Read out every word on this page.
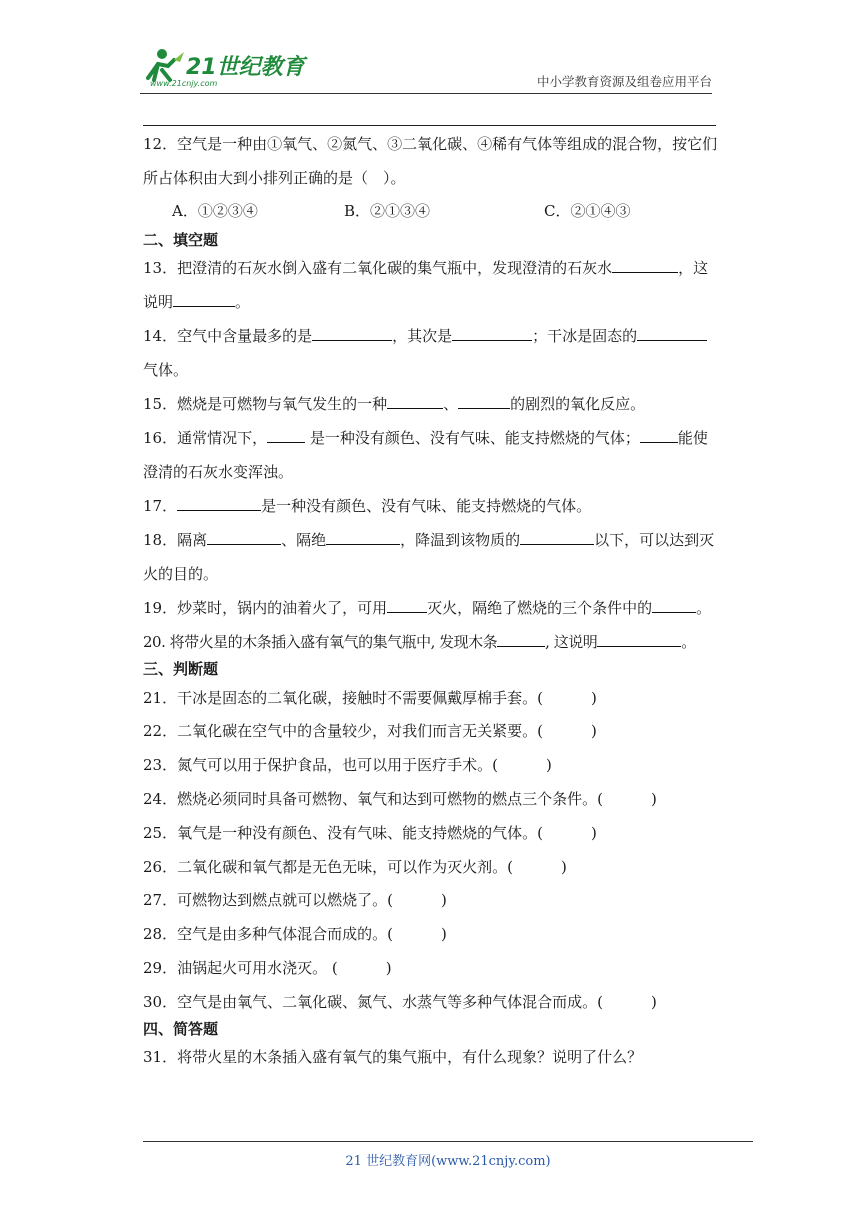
21世纪教育
www.21cnjy.com	中小学教育资源及组卷应用平台
12．空气是一种由①氧气、②氮气、③二氧化碳、④稀有气体等组成的混合物，按它们
所占体积由大到小排列正确的是（　）。
A．①②③④	B．②①③④	C．②①④③
二、填空题
13．把澄清的石灰水倒入盛有二氧化碳的集气瓶中，发现澄清的石灰水	，这
说明	。
14．空气中含量最多的是	，其次是	；干冰是固态的
气体。
15．燃烧是可燃物与氧气发生的一种	、	的剧烈的氧化反应。
16．通常情况下，	是一种没有颜色、没有气味、能支持燃烧的气体；	能使
澄清的石灰水变浑浊。
17．	是一种没有颜色、没有气味、能支持燃烧的气体。
18．隔离	、隔绝	，降温到该物质的	以下，可以达到灭
火的目的。
19．炒菜时，锅内的油着火了，可用	灭火，隔绝了燃烧的三个条件中的	。
20. 将带火星的木条插入盛有氧气的集气瓶中, 发现木条	, 这说明	。
三、判断题
21．干冰是固态的二氧化碳，接触时不需要佩戴厚棉手套。(	)
22．二氧化碳在空气中的含量较少，对我们而言无关紧要。(	)
23．氮气可以用于保护食品，也可以用于医疗手术。(	)
24．燃烧必须同时具备可燃物、氧气和达到可燃物的燃点三个条件。(	)
25．氧气是一种没有颜色、没有气味、能支持燃烧的气体。(	)
26．二氧化碳和氧气都是无色无味，可以作为灭火剂。(	)
27．可燃物达到燃点就可以燃烧了。(	)
28．空气是由多种气体混合而成的。(	)
29．油锅起火可用水浇灭。 (	)
30．空气是由氧气、二氧化碳、氮气、水蒸气等多种气体混合而成。(	)
四、简答题
31．将带火星的木条插入盛有氧气的集气瓶中，有什么现象？说明了什么？
21 世纪教育网(www.21cnjy.com)
